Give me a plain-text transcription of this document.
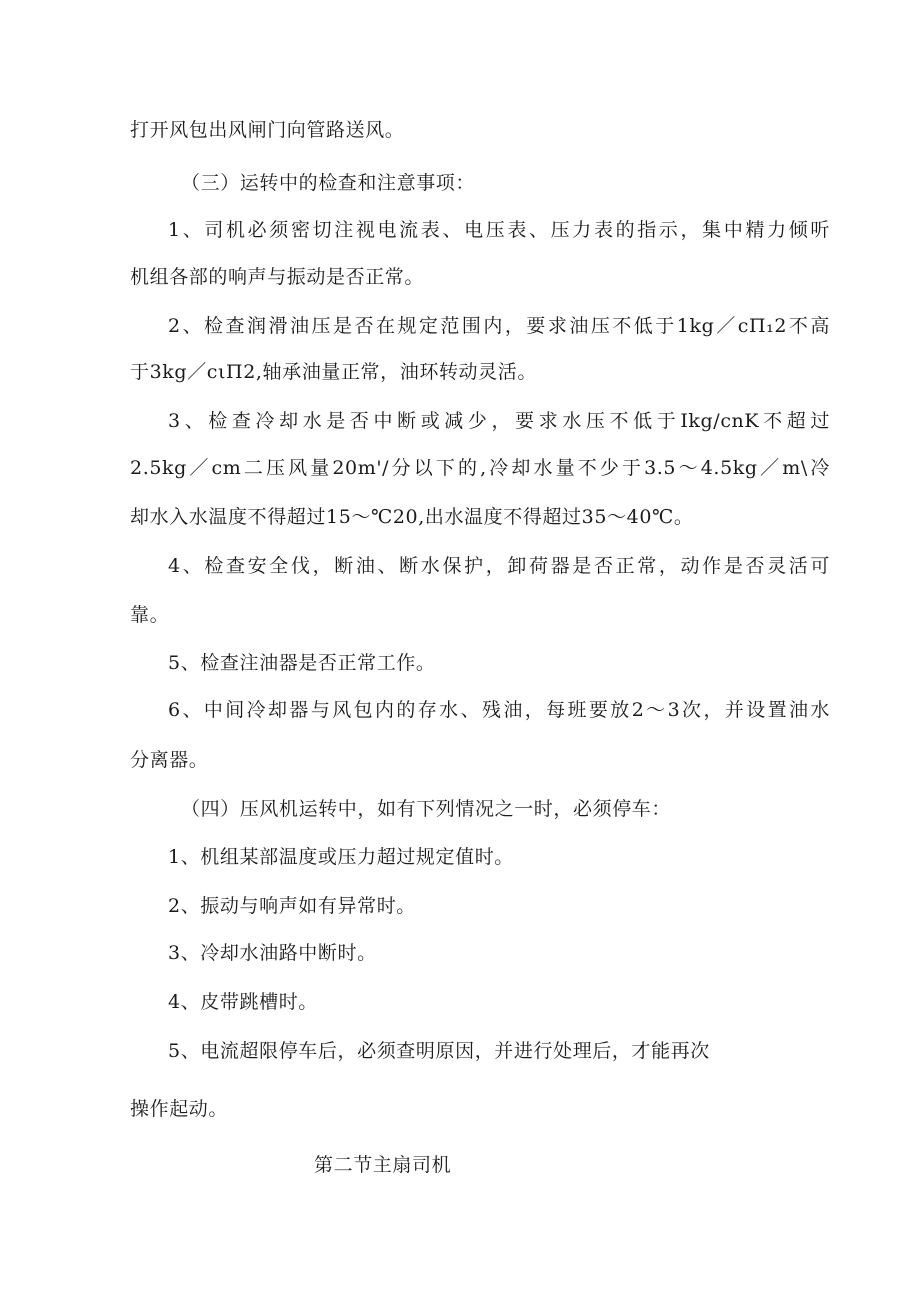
打开风包出风闸门向管路送风。
（三）运转中的检查和注意事项：
1、司机必须密切注视电流表、电压表、压力表的指示，集中精力倾听
机组各部的响声与振动是否正常。
2、检查润滑油压是否在规定范围内，要求油压不低于1kg／cΠ₁2不高
于3kg／cιΠ2,轴承油量正常，油环转动灵活。
3、检查冷却水是否中断或减少，要求水压不低于Ikg/cnK不超过
2.5kg／cm二压风量20m'/分以下的,冷却水量不少于3.5～4.5kg／m\冷
却水入水温度不得超过15～℃20,出水温度不得超过35～40℃。
4、检查安全伐，断油、断水保护，卸荷器是否正常，动作是否灵活可
靠。
5、检查注油器是否正常工作。
6、中间冷却器与风包内的存水、残油，每班要放2～3次，并设置油水
分离器。
（四）压风机运转中，如有下列情况之一时，必须停车：
1、机组某部温度或压力超过规定值时。
2、振动与响声如有异常时。
3、冷却水油路中断时。
4、皮带跳槽时。
5、电流超限停车后，必须查明原因，并进行处理后，才能再次
操作起动。
第二节主扇司机
